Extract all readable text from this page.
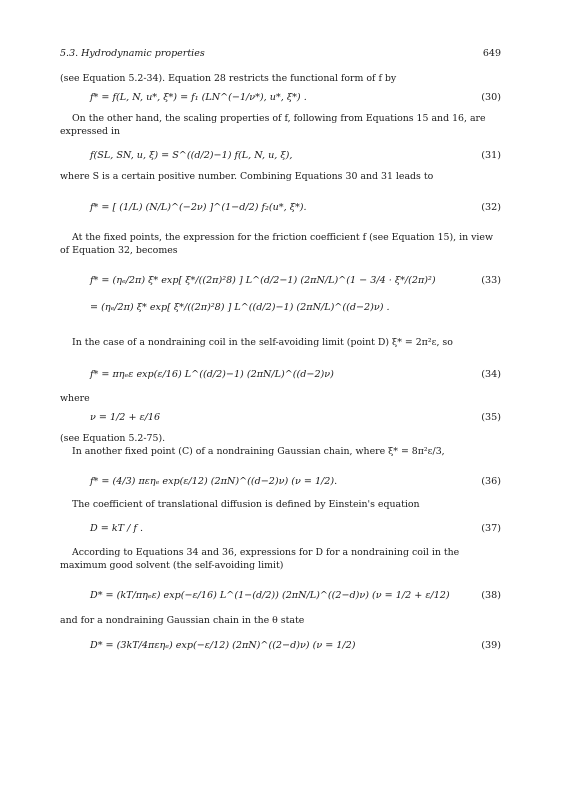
5.3. Hydrodynamic properties	649
(see Equation 5.2-34). Equation 28 restricts the functional form of f by
f* = f(L, N, u*, ξ*) = f₁ (LN^(−1/ν*), u*, ξ*) .	(30)
On the other hand, the scaling properties of f, following from Equations 15 and 16, are expressed in
f(SL, SN, u, ξ) = S^((d/2)−1) f(L, N, u, ξ),	(31)
where S is a certain positive number. Combining Equations 30 and 31 leads to
f* = [ (1/L) (N/L)^(−2ν) ]^(1−d/2) f₂(u*, ξ*).	(32)
At the fixed points, the expression for the friction coefficient f (see Equation 15), in view of Equation 32, becomes
f* = (ηₑ/2π) ξ* exp[ ξ*/((2π)²8) ] L^(d/2−1) (2πN/L)^(1 − 3/4 · ξ*/(2π)²)	(33)
= (ηₑ/2π) ξ* exp[ ξ*/((2π)²8) ] L^((d/2)−1) (2πN/L)^((d−2)ν) .
In the case of a nondraining coil in the self-avoiding limit (point D) ξ* = 2π²ε, so
f* = πηₑε exp(ε/16) L^((d/2)−1) (2πN/L)^((d−2)ν)	(34)
where
ν = 1/2 + ε/16	(35)
(see Equation 5.2-75).
In another fixed point (C) of a nondraining Gaussian chain, where ξ* = 8π²ε/3,
f* = (4/3) πεηₑ exp(ε/12) (2πN)^((d−2)ν) (ν = 1/2).	(36)
The coefficient of translational diffusion is defined by Einstein's equation
D = kT / f .	(37)
According to Equations 34 and 36, expressions for D for a nondraining coil in the maximum good solvent (the self-avoiding limit)
D* = (kT/πηₑε) exp(−ε/16) L^(1−(d/2)) (2πN/L)^((2−d)ν) (ν = 1/2 + ε/12)	(38)
and for a nondraining Gaussian chain in the θ state
D* = (3kT/4πεηₑ) exp(−ε/12) (2πN)^((2−d)ν) (ν = 1/2)	(39)
